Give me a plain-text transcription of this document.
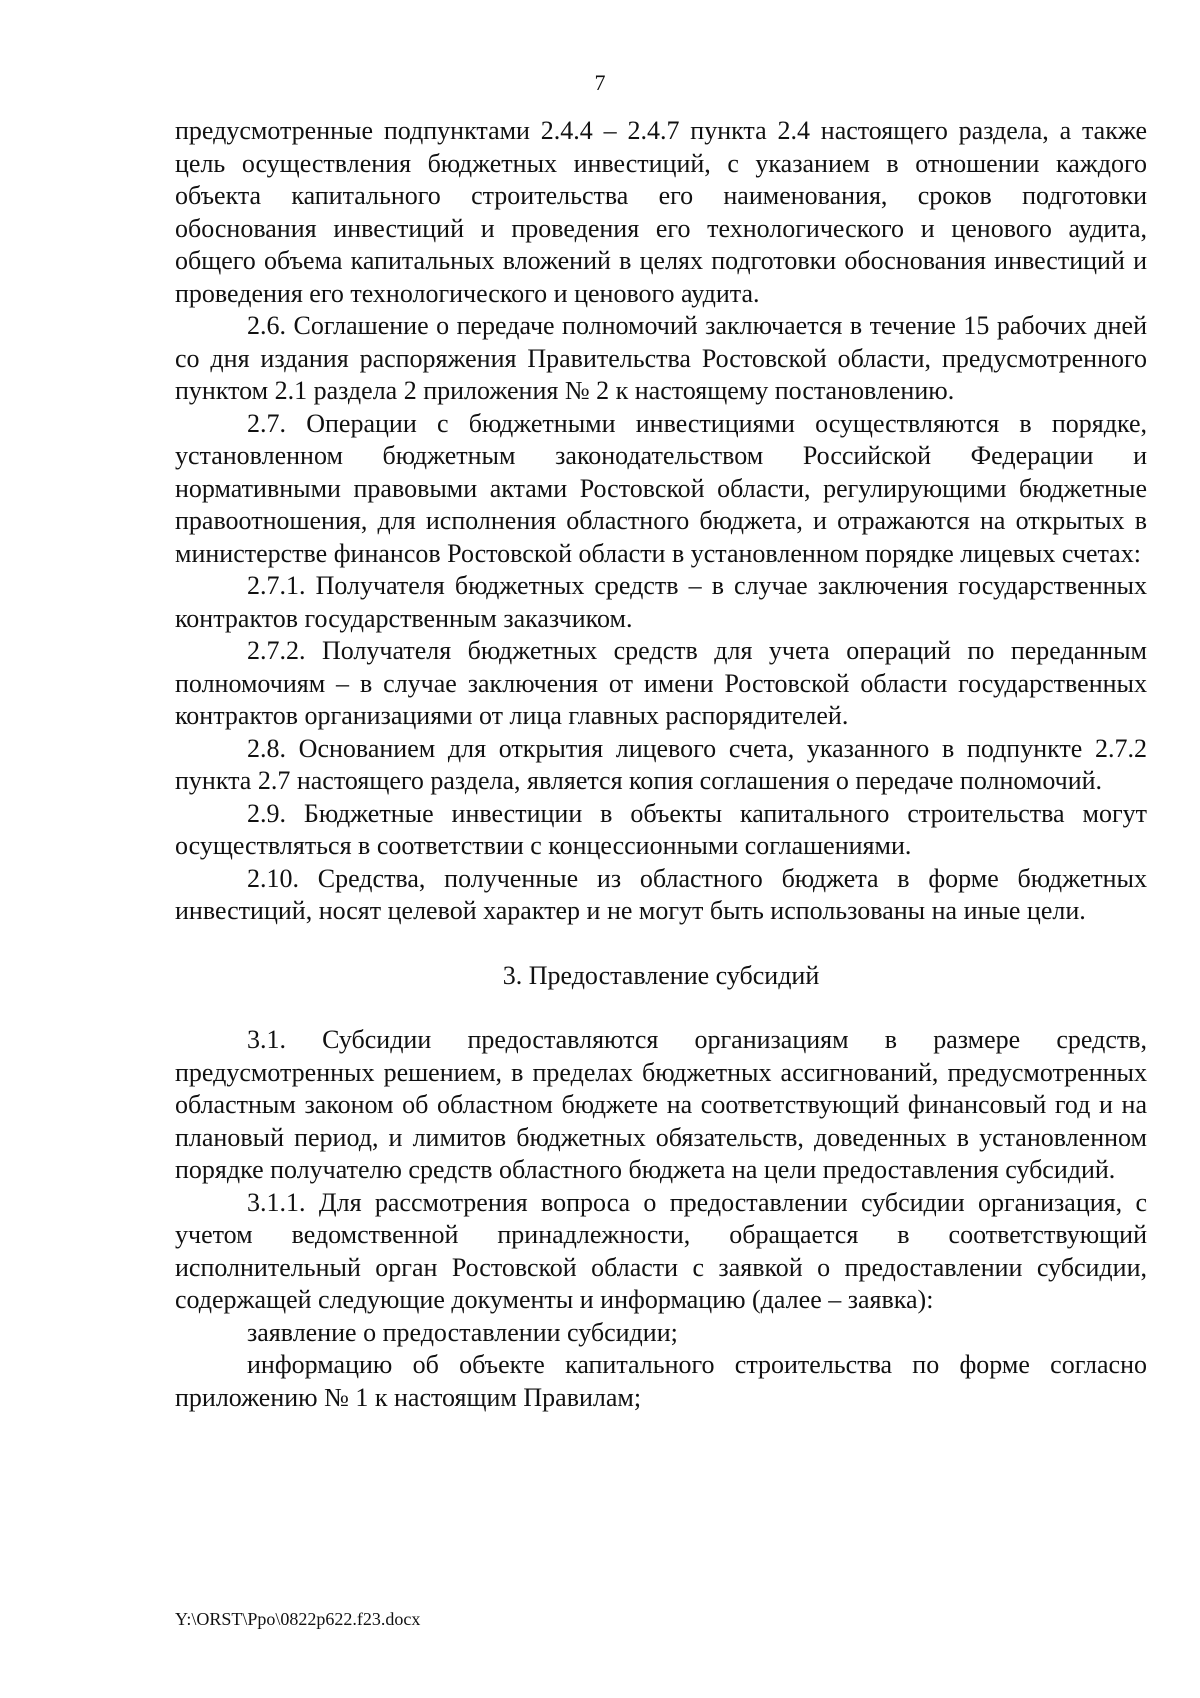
7

предусмотренные подпунктами 2.4.4 – 2.4.7 пункта 2.4 настоящего раздела, а также цель осуществления бюджетных инвестиций, с указанием в отношении каждого объекта капитального строительства его наименования, сроков подготовки обоснования инвестиций и проведения его технологического и ценового аудита, общего объема капитальных вложений в целях подготовки обоснования инвестиций и проведения его технологического и ценового аудита.

2.6. Соглашение о передаче полномочий заключается в течение 15 рабочих дней со дня издания распоряжения Правительства Ростовской области, предусмотренного пунктом 2.1 раздела 2 приложения № 2 к настоящему постановлению.

2.7. Операции с бюджетными инвестициями осуществляются в порядке, установленном бюджетным законодательством Российской Федерации и нормативными правовыми актами Ростовской области, регулирующими бюджетные правоотношения, для исполнения областного бюджета, и отражаются на открытых в министерстве финансов Ростовской области в установленном порядке лицевых счетах:

2.7.1. Получателя бюджетных средств – в случае заключения государственных контрактов государственным заказчиком.

2.7.2. Получателя бюджетных средств для учета операций по переданным полномочиям – в случае заключения от имени Ростовской области государственных контрактов организациями от лица главных распорядителей.

2.8. Основанием для открытия лицевого счета, указанного в подпункте 2.7.2 пункта 2.7 настоящего раздела, является копия соглашения о передаче полномочий.

2.9. Бюджетные инвестиции в объекты капитального строительства могут осуществляться в соответствии с концессионными соглашениями.

2.10. Средства, полученные из областного бюджета в форме бюджетных инвестиций, носят целевой характер и не могут быть использованы на иные цели.

3. Предоставление субсидий

3.1. Субсидии предоставляются организациям в размере средств, предусмотренных решением, в пределах бюджетных ассигнований, предусмотренных областным законом об областном бюджете на соответствующий финансовый год и на плановый период, и лимитов бюджетных обязательств, доведенных в установленном порядке получателю средств областного бюджета на цели предоставления субсидий.

3.1.1. Для рассмотрения вопроса о предоставлении субсидии организация, с учетом ведомственной принадлежности, обращается в соответствующий исполнительный орган Ростовской области с заявкой о предоставлении субсидии, содержащей следующие документы и информацию (далее – заявка):

заявление о предоставлении субсидии;

информацию об объекте капитального строительства по форме согласно приложению № 1 к настоящим Правилам;

Y:\ORST\Ppo\0822p622.f23.docx
